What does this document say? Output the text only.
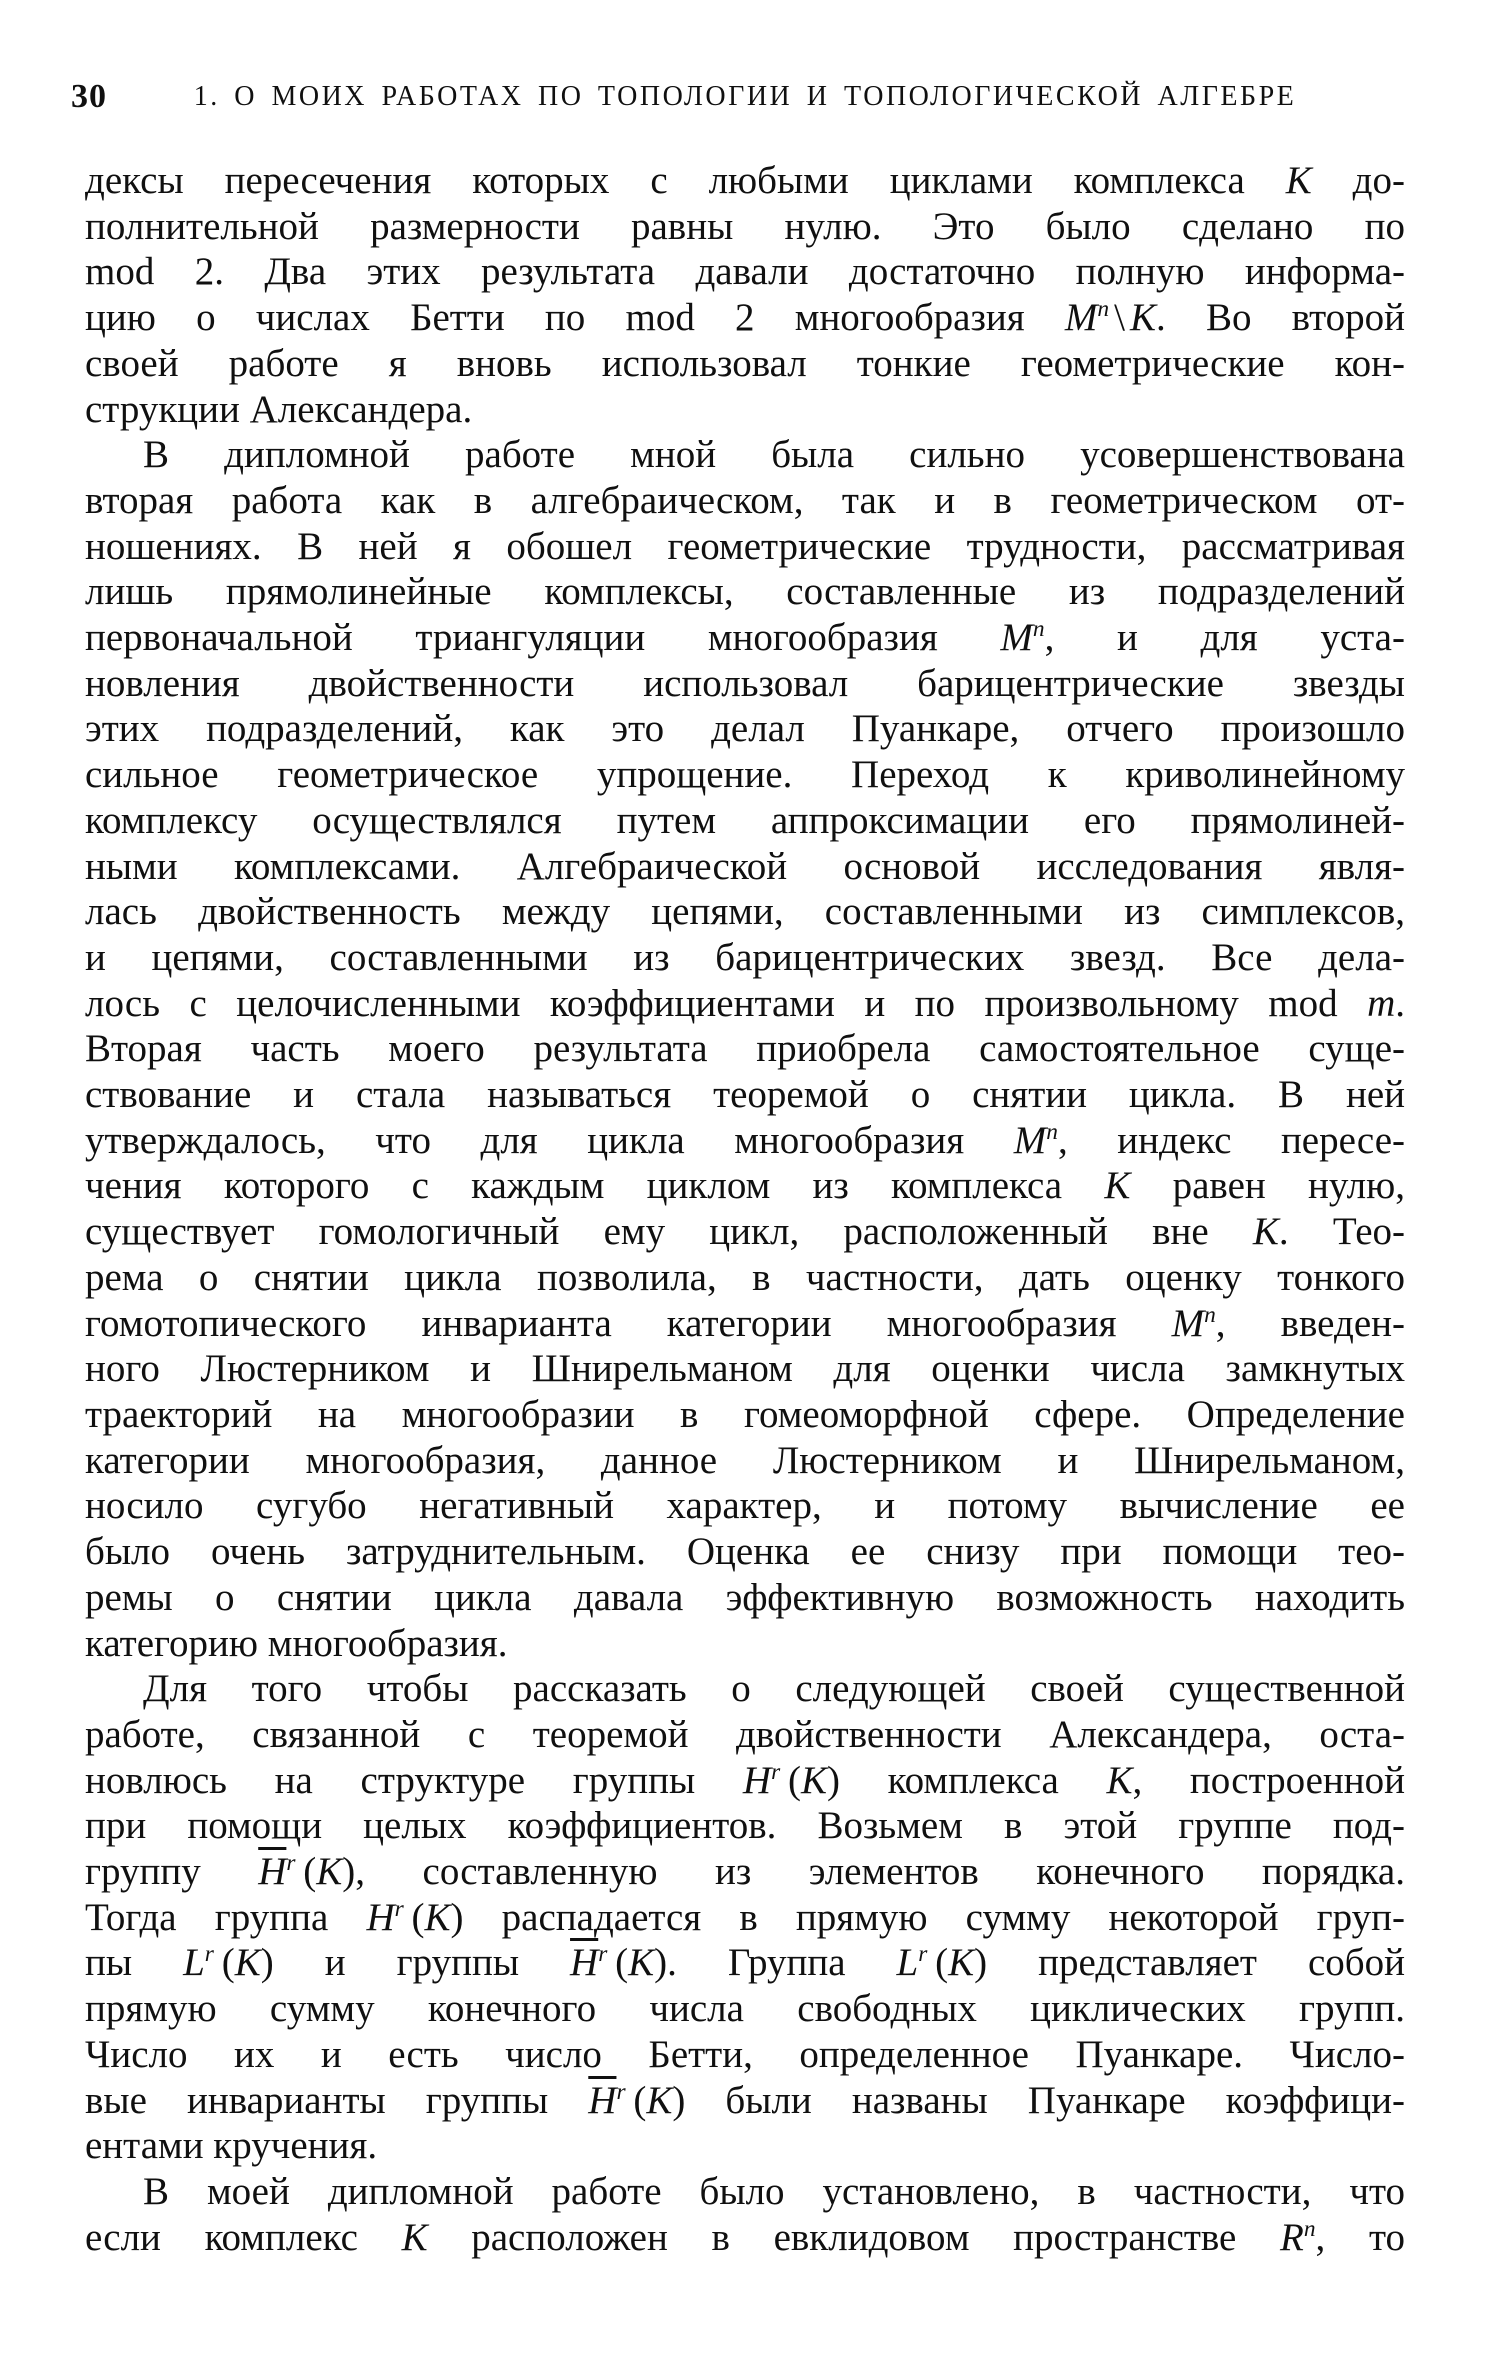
30	1. О МОИХ РАБОТАХ ПО ТОПОЛОГИИ И ТОПОЛОГИЧЕСКОЙ АЛГЕБРЕ
дексы пересечения которых с любыми циклами комплекса K до-
полнительной размерности равны нулю. Это было сделано по
mod 2. Два этих результата давали достаточно полную информа-
цию о числах Бетти по mod 2 многообразия $M^n$ \ K. Во второй
своей работе я вновь использовал тонкие геометрические кон-
струкции Александера.
В дипломной работе мной была сильно усовершенствована
вторая работа как в алгебраическом, так и в геометрическом от-
ношениях. В ней я обошел геометрические трудности, рассматривая
лишь прямолинейные комплексы, составленные из подразделений
первоначальной триангуляции многообразия $M^n$, и для уста-
новления двойственности использовал барицентрические звезды
этих подразделений, как это делал Пуанкаре, отчего произошло
сильное геометрическое упрощение. Переход к криволинейному
комплексу осуществлялся путем аппроксимации его прямолиней-
ными комплексами. Алгебраической основой исследования явля-
лась двойственность между цепями, составленными из симплексов,
и цепями, составленными из барицентрических звезд. Все дела-
лось с целочисленными коэффициентами и по произвольному mod m.
Вторая часть моего результата приобрела самостоятельное суще-
ствование и стала называться теоремой о снятии цикла. В ней
утверждалось, что для цикла многообразия $M^n$, индекс пересе-
чения которого с каждым циклом из комплекса K равен нулю,
существует гомологичный ему цикл, расположенный вне K. Тео-
рема о снятии цикла позволила, в частности, дать оценку тонкого
гомотопического инварианта категории многообразия $M^n$, введен-
ного Люстерником и Шнирельманом для оценки числа замкнутых
траекторий на многообразии в гомеоморфной сфере. Определение
категории многообразия, данное Люстерником и Шнирельманом,
носило сугубо негативный характер, и потому вычисление ее
было очень затруднительным. Оценка ее снизу при помощи тео-
ремы о снятии цикла давала эффективную возможность находить
категорию многообразия.
Для того чтобы рассказать о следующей своей существенной
работе, связанной с теоремой двойственности Александера, оста-
новлюсь на структуре группы $H^r$ (K) комплекса K, построенной
при помощи целых коэффициентов. Возьмем в этой группе под-
группу $\overline{H}^r$ (K), составленную из элементов конечного порядка.
Тогда группа $H^r$ (K) распадается в прямую сумму некоторой груп-
пы $L^r$ (K) и группы $\overline{H}^r$ (K). Группа $L^r$ (K) представляет собой
прямую сумму конечного числа свободных циклических групп.
Число их и есть число Бетти, определенное Пуанкаре. Число-
вые инварианты группы $\overline{H}^r$ (K) были названы Пуанкаре коэффици-
ентами кручения.
В моей дипломной работе было установлено, в частности, что
если комплекс K расположен в евклидовом пространстве $R^n$, то
